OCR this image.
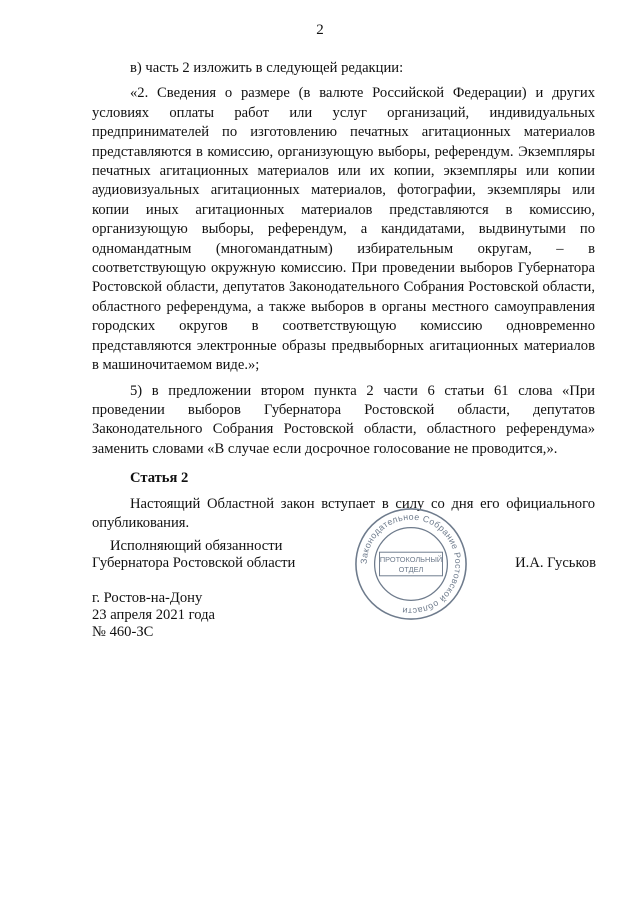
2

в) часть 2 изложить в следующей редакции:

«2. Сведения о размере (в валюте Российской Федерации) и других условиях оплаты работ или услуг организаций, индивидуальных предпринимателей по изготовлению печатных агитационных материалов представляются в комиссию, организующую выборы, референдум. Экземпляры печатных агитационных материалов или их копии, экземпляры или копии аудиовизуальных агитационных материалов, фотографии, экземпляры или копии иных агитационных материалов представляются в комиссию, организующую выборы, референдум, а кандидатами, выдвинутыми по одномандатным (многомандатным) избирательным округам, – в соответствующую окружную комиссию. При проведении выборов Губернатора Ростовской области, депутатов Законодательного Собрания Ростовской области, областного референдума, а также выборов в органы местного самоуправления городских округов в соответствующую комиссию одновременно представляются электронные образы предвыборных агитационных материалов в машиночитаемом виде.»;

5) в предложении втором пункта 2 части 6 статьи 61 слова «При проведении выборов Губернатора Ростовской области, депутатов Законодательного Собрания Ростовской области, областного референдума» заменить словами «В случае если досрочное голосование не проводится,».

Статья 2

Настоящий Областной закон вступает в силу со дня его официального опубликования.

Исполняющий обязанности
Губернатора Ростовской области	Законодательное Собрание Ростовской области
ПРОТОКОЛЬНЫЙ
ОТДЕЛ	И.А. Гуськов
г. Ростов-на-Дону
23 апреля 2021 года
№ 460-ЗС
